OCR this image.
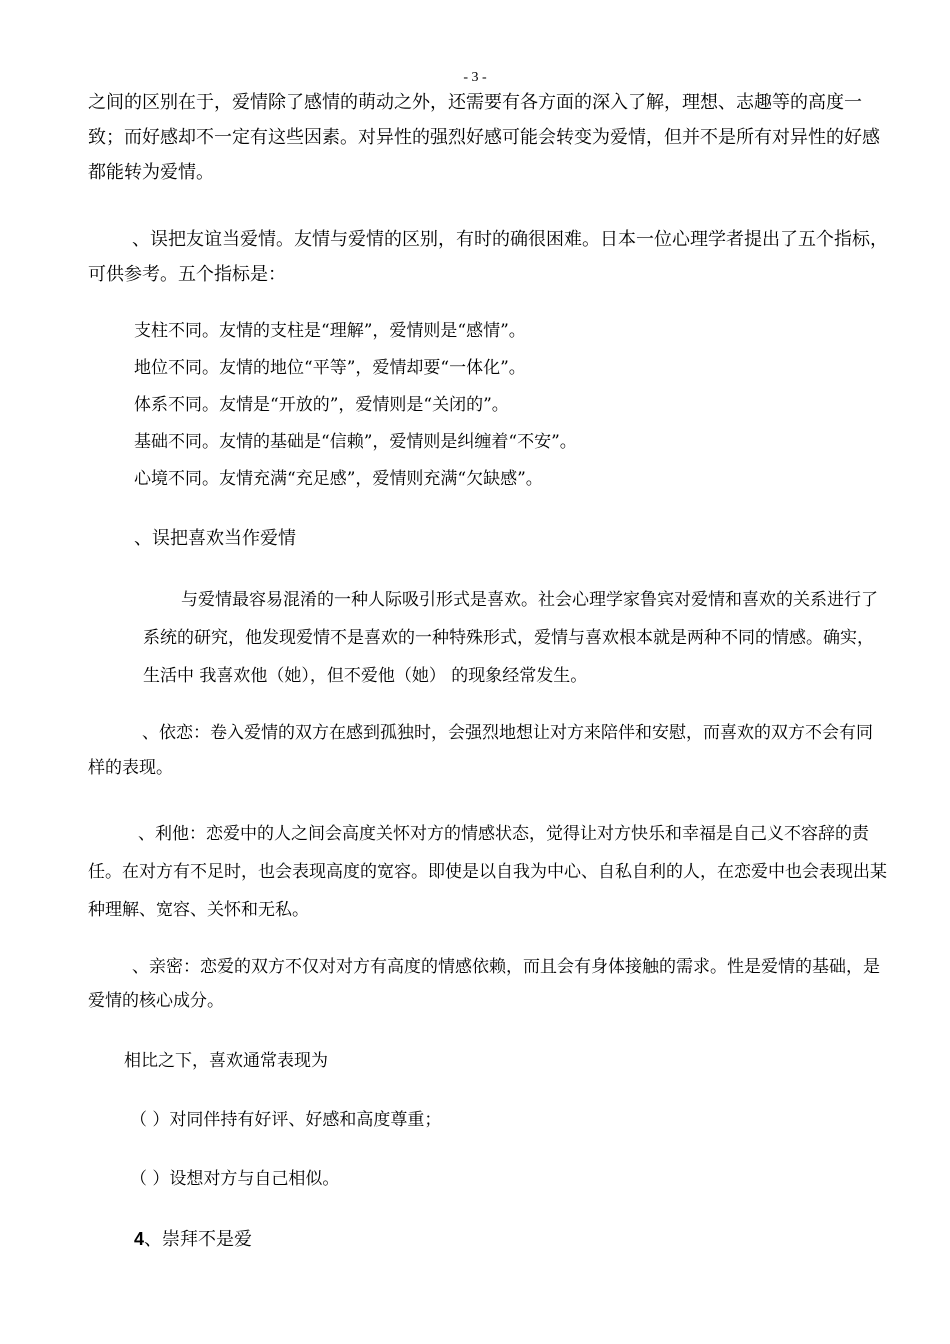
- 3 -

之间的区别在于，爱情除了感情的萌动之外，还需要有各方面的深入了解，理想、志趣等的高度一致；而好感却不一定有这些因素。对异性的强烈好感可能会转变为爱情，但并不是所有对异性的好感都能转为爱情。

、误把友谊当爱情。友情与爱情的区别，有时的确很困难。日本一位心理学者提出了五个指标，可供参考。五个指标是：

支柱不同。友情的支柱是“理解”，爱情则是“感情”。

地位不同。友情的地位“平等”，爱情却要“一体化”。

体系不同。友情是“开放的”，爱情则是“关闭的”。

基础不同。友情的基础是“信赖”，爱情则是纠缠着“不安”。

心境不同。友情充满“充足感”，爱情则充满“欠缺感”。

、误把喜欢当作爱情

与爱情最容易混淆的一种人际吸引形式是喜欢。社会心理学家鲁宾对爱情和喜欢的关系进行了系统的研究，他发现爱情不是喜欢的一种特殊形式，爱情与喜欢根本就是两种不同的情感。确实，生活中 我喜欢他（她），但不爱他（她） 的现象经常发生。

、依恋：卷入爱情的双方在感到孤独时，会强烈地想让对方来陪伴和安慰，而喜欢的双方不会有同样的表现。

、利他：恋爱中的人之间会高度关怀对方的情感状态，觉得让对方快乐和幸福是自己义不容辞的责任。在对方有不足时，也会表现高度的宽容。即使是以自我为中心、自私自利的人，在恋爱中也会表现出某种理解、宽容、关怀和无私。

、亲密：恋爱的双方不仅对对方有高度的情感依赖，而且会有身体接触的需求。性是爱情的基础，是爱情的核心成分。

相比之下，喜欢通常表现为

（ ）对同伴持有好评、好感和高度尊重；

（ ）设想对方与自己相似。

4、崇拜不是爱
